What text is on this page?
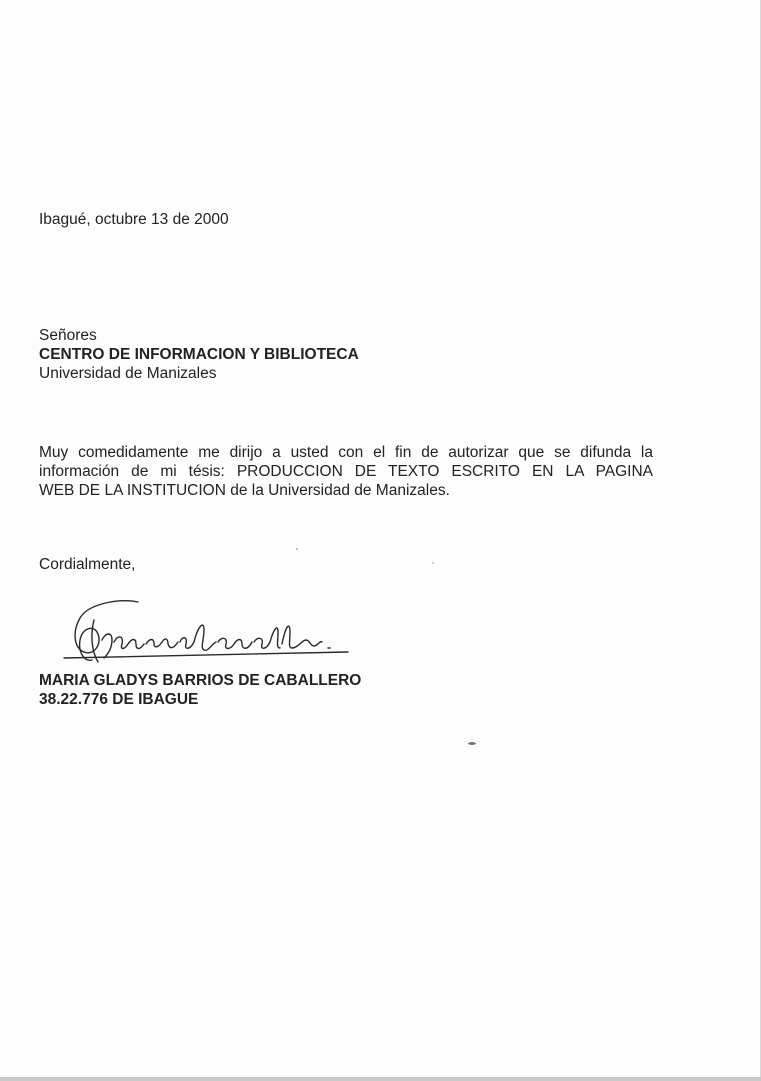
Ibagué, octubre 13 de 2000
Señores
CENTRO DE INFORMACION Y BIBLIOTECA
Universidad de Manizales
Muy comedidamente me dirijo a usted con el fin de autorizar que se difunda la
información de mi tésis: PRODUCCION DE TEXTO ESCRITO EN LA PAGINA
WEB DE LA INSTITUCION de la Universidad de Manizales.
Cordialmente,
MARIA GLADYS BARRIOS DE CABALLERO
38.22.776 DE IBAGUE
